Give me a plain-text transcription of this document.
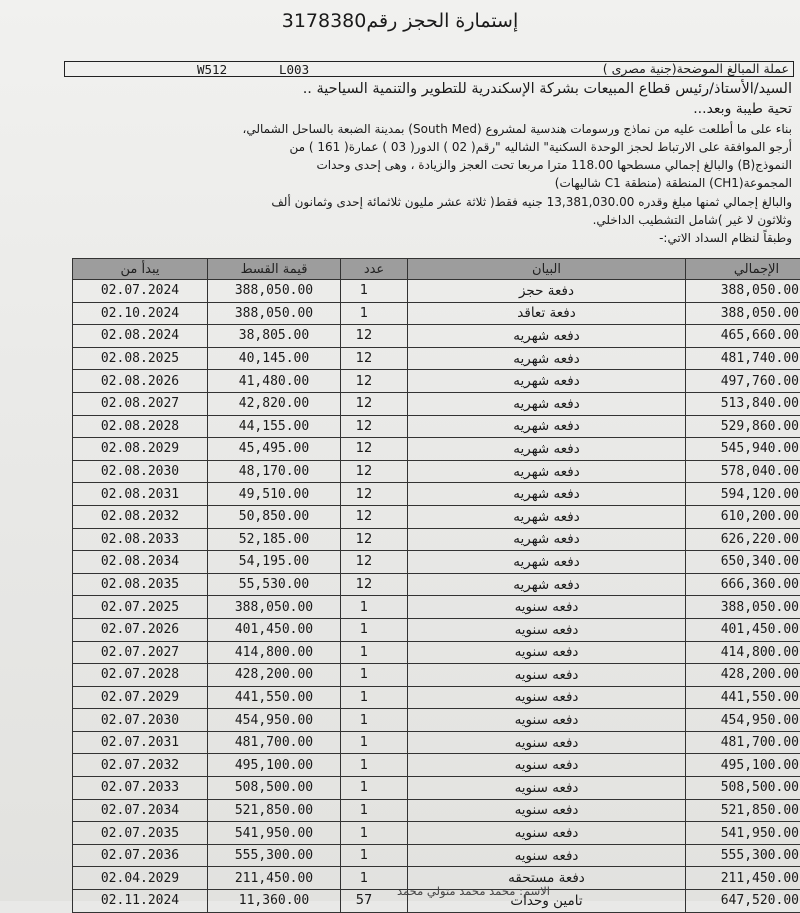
إستمارة الحجز رقم3178380
W512	L003	عملة المبالغ الموضحة(جنية مصرى )
السيد/الأستاذ/رئيس قطاع المبيعات بشركة الإسكندرية للتطوير والتنمية السياحية ..
تحية طيبة وبعد...
بناء على ما أطلعت عليه من نماذج ورسومات هندسية لمشروع (South Med) بمدينة الضبعة بالساحل الشمالي،
أرجو الموافقة على الارتباط لحجز الوحدة السكنية" الشاليه "رقم( 02 ) الدور( 03 ) عمارة( 161 ) من
النموذج(B) والبالغ إجمالي مسطحها 118.00 مترا مربعا تحت العجز والزيادة ، وهى إحدى وحدات
المجموعة(CH1) المنطقة (منطقة C1 شاليهات)
والبالغ إجمالي ثمنها مبلغ وقدره 13,381,030.00 جنيه فقط( ثلاثة عشر مليون ثلاثمائة إحدى وثمانون ألف
وثلاثون لا غير )شامل التشطيب الداخلي.
وطبقاً لنظام السداد الاتي:-
يبدأ من	قيمة القسط	عدد	البيان	الإجمالي
02.07.2024	388,050.00	1	دفعة حجز	388,050.00
02.10.2024	388,050.00	1	دفعة تعاقد	388,050.00
02.08.2024	38,805.00	12	دفعه شهريه	465,660.00
02.08.2025	40,145.00	12	دفعه شهريه	481,740.00
02.08.2026	41,480.00	12	دفعه شهريه	497,760.00
02.08.2027	42,820.00	12	دفعه شهريه	513,840.00
02.08.2028	44,155.00	12	دفعه شهريه	529,860.00
02.08.2029	45,495.00	12	دفعه شهريه	545,940.00
02.08.2030	48,170.00	12	دفعه شهريه	578,040.00
02.08.2031	49,510.00	12	دفعه شهريه	594,120.00
02.08.2032	50,850.00	12	دفعه شهريه	610,200.00
02.08.2033	52,185.00	12	دفعه شهريه	626,220.00
02.08.2034	54,195.00	12	دفعه شهريه	650,340.00
02.08.2035	55,530.00	12	دفعه شهريه	666,360.00
02.07.2025	388,050.00	1	دفعه سنويه	388,050.00
02.07.2026	401,450.00	1	دفعه سنويه	401,450.00
02.07.2027	414,800.00	1	دفعه سنويه	414,800.00
02.07.2028	428,200.00	1	دفعه سنويه	428,200.00
02.07.2029	441,550.00	1	دفعه سنويه	441,550.00
02.07.2030	454,950.00	1	دفعه سنويه	454,950.00
02.07.2031	481,700.00	1	دفعه سنويه	481,700.00
02.07.2032	495,100.00	1	دفعه سنويه	495,100.00
02.07.2033	508,500.00	1	دفعه سنويه	508,500.00
02.07.2034	521,850.00	1	دفعه سنويه	521,850.00
02.07.2035	541,950.00	1	دفعه سنويه	541,950.00
02.07.2036	555,300.00	1	دفعه سنويه	555,300.00
02.04.2029	211,450.00	1	دفعة مستحقه	211,450.00
02.11.2024	11,360.00	57	تامين وحدات	647,520.00
الاسم: محمد محمد متولي محمد
